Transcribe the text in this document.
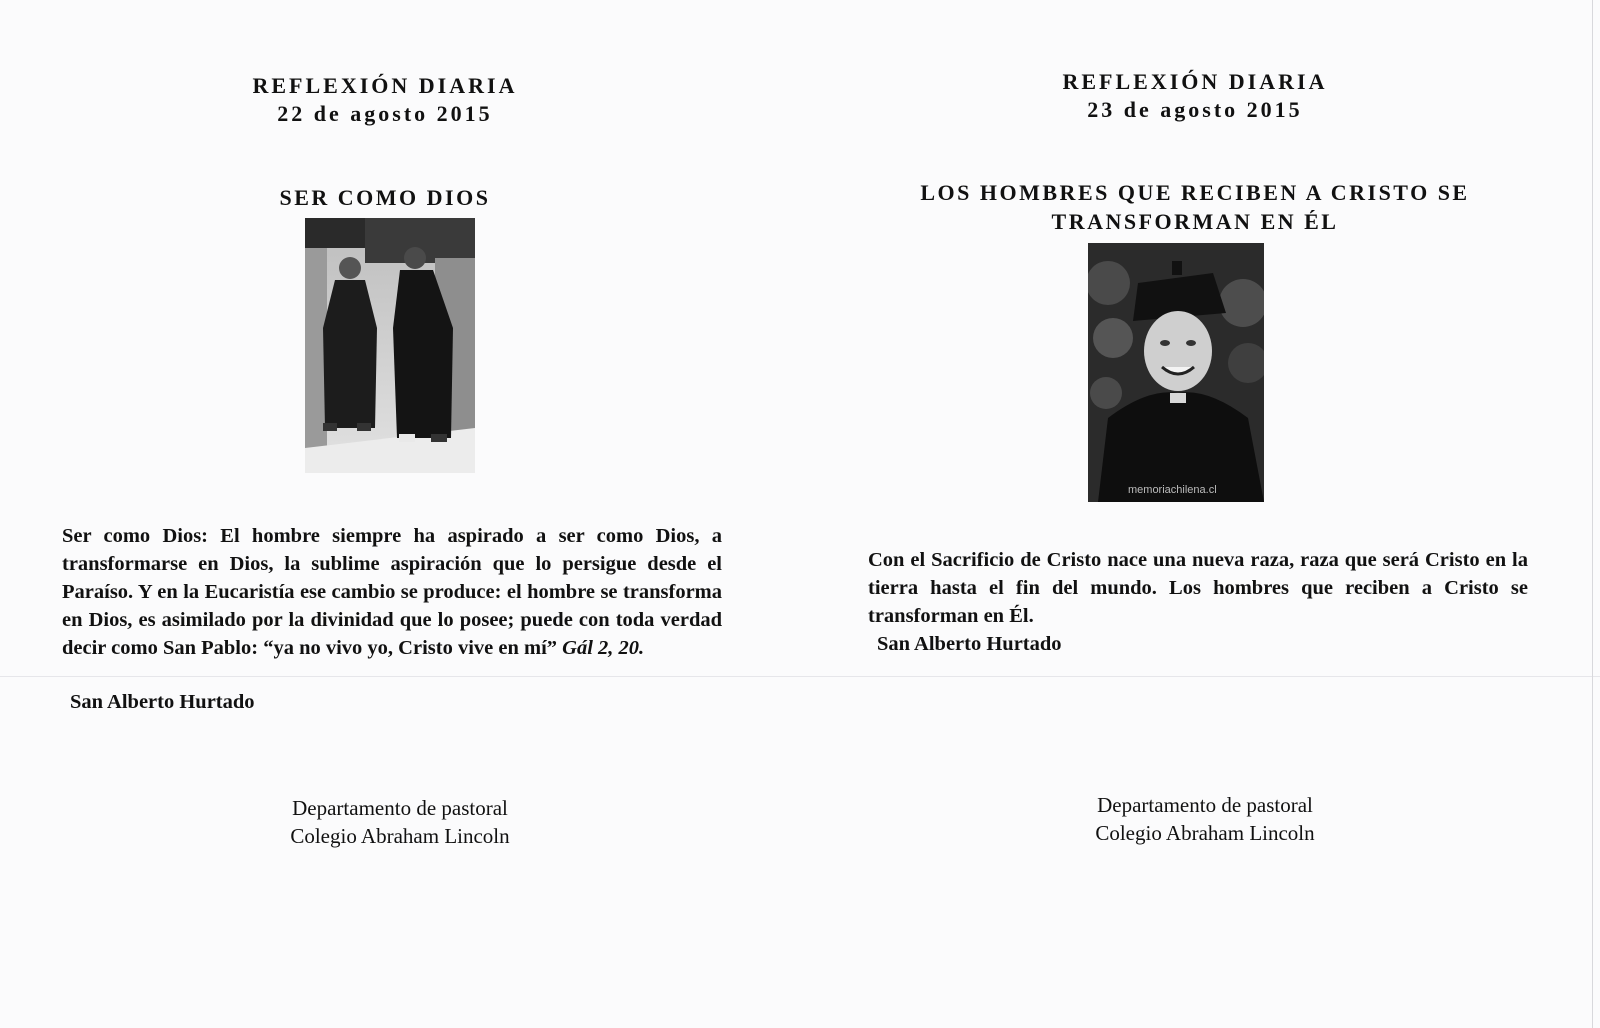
REFLEXIÓN DIARIA
22 de agosto 2015
SER COMO DIOS
Ser como Dios: El hombre siempre ha aspirado a ser como Dios, a transformarse en Dios, la sublime aspiración que lo persigue desde el Paraíso. Y en la Eucaristía ese cambio se produce: el hombre se transforma en Dios, es asimilado por la divinidad que lo posee; puede con toda verdad decir como San Pablo: “ya no vivo yo, Cristo vive en mí” Gál 2, 20.
San Alberto Hurtado
Departamento de pastoral
Colegio Abraham Lincoln
REFLEXIÓN DIARIA
23 de agosto 2015
LOS HOMBRES QUE RECIBEN A CRISTO SE
TRANSFORMAN EN ÉL
memoriachilena.cl
Con el Sacrificio de Cristo nace una nueva raza, raza que será Cristo en la tierra hasta el fin del mundo. Los hombres que reciben a Cristo se transforman en Él.
San Alberto Hurtado
Departamento de pastoral
Colegio Abraham Lincoln
